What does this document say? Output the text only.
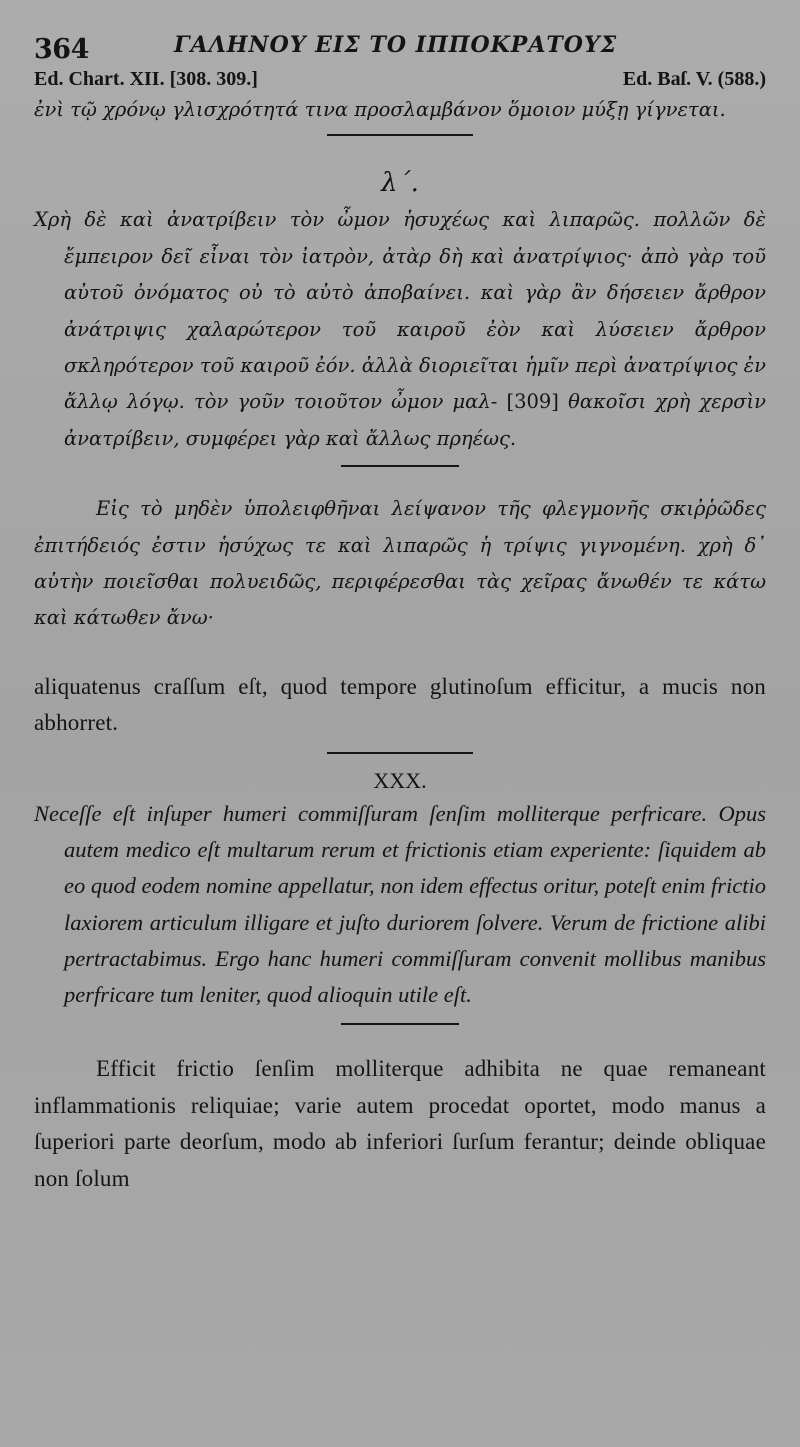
364	ΓΑΛΗΝΟΥ ΕΙΣ ΤΟ ΙΠΠΟΚΡΑΤΟΥΣ
Ed. Chart. XII. [308. 309.]	Ed. Baſ. V. (588.)

ἐνὶ τῷ χρόνῳ γλισχρότητά τινα προσλαμβάνον ὅμοιον μύξῃ γίγνεται.

λ΄.

Χρὴ δὲ καὶ ἀνατρίβειν τὸν ὦμον ἡσυχέως καὶ λιπαρῶς. πολλῶν δὲ ἔμπειρον δεῖ εἶναι τὸν ἰατρὸν, ἀτὰρ δὴ καὶ ἀνατρίψιος· ἀπὸ γὰρ τοῦ αὐτοῦ ὀνόματος οὐ τὸ αὐτὸ ἀποβαίνει. καὶ γὰρ ἂν δήσειεν ἄρθρον ἀνάτριψις χαλαρώτερον τοῦ καιροῦ ἐὸν καὶ λύσειεν ἄρθρον σκληρότερον τοῦ καιροῦ ἐόν. ἀλλὰ διοριεῖται ἡμῖν περὶ ἀνατρίψιος ἐν ἄλλῳ λόγῳ. τὸν γοῦν τοιοῦτον ὦμον μαλ- [309] θακοῖσι χρὴ χερσὶν ἀνατρίβειν, συμφέρει γὰρ καὶ ἄλλως πρηέως.

Εἰς τὸ μηδὲν ὑπολειφθῆναι λείψανον τῆς φλεγμονῆς σκιῤῥῶδες ἐπιτήδειός ἐστιν ἡσύχως τε καὶ λιπαρῶς ἡ τρίψις γιγνομένη. χρὴ δ᾽ αὐτὴν ποιεῖσθαι πολυειδῶς, περιφέρεσθαι τὰς χεῖρας ἄνωθέν τε κάτω καὶ κάτωθεν ἄνω·

aliquatenus craſſum eſt, quod tempore glutinoſum efficitur, a mucis non abhorret.

XXX.

Neceſſe eſt inſuper humeri commiſſuram ſenſim molliterque perfricare. Opus autem medico eſt multarum rerum et frictionis etiam experiente: ſiquidem ab eo quod eodem nomine appellatur, non idem effectus oritur, poteſt enim frictio laxiorem articulum illigare et juſto duriorem ſolvere. Verum de frictione alibi pertractabimus. Ergo hanc humeri commiſſuram convenit mollibus manibus perfricare tum leniter, quod alioquin utile eſt.

Efficit frictio ſenſim molliterque adhibita ne quae remaneant inflammationis reliquiae; varie autem procedat oportet, modo manus a ſuperiori parte deorſum, modo ab inferiori ſurſum ferantur; deinde obliquae non ſolum
